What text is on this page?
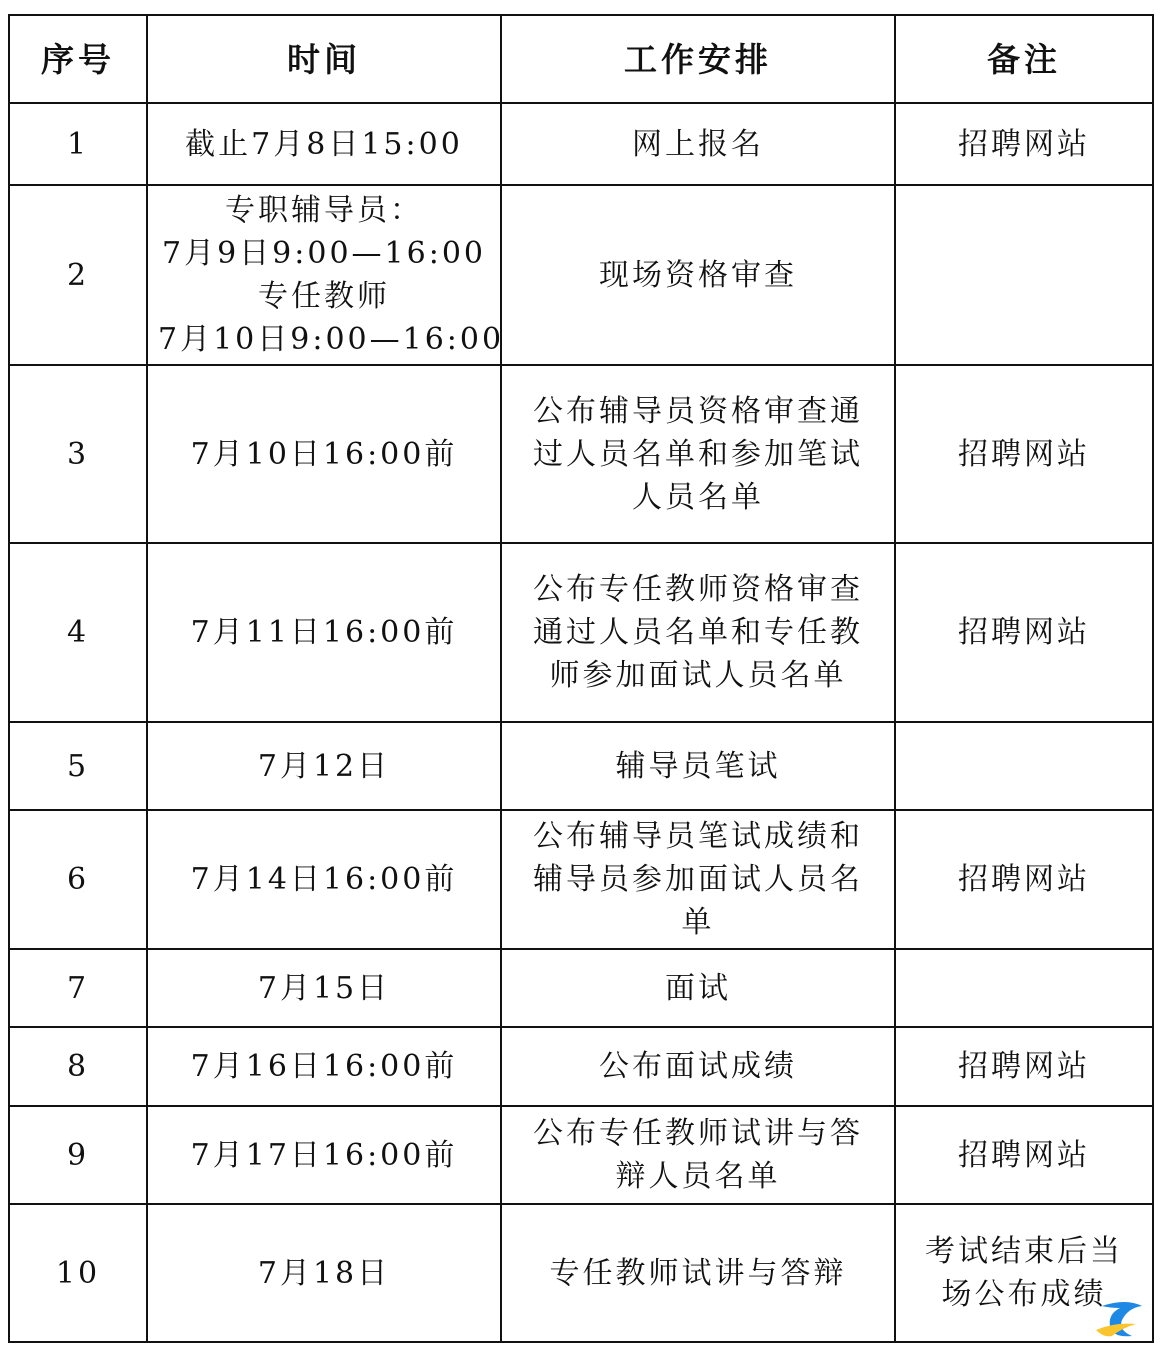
序号	时间	工作安排	备注
1	截止7月8日15:00	网上报名	招聘网站
2	专职辅导员：
7月9日9:00—16:00
专任教师
7月10日9:00—16:00	现场资格审查	
3	7月10日16:00前	公布辅导员资格审查通
过人员名单和参加笔试
人员名单	招聘网站
4	7月11日16:00前	公布专任教师资格审查
通过人员名单和专任教
师参加面试人员名单	招聘网站
5	7月12日	辅导员笔试	
6	7月14日16:00前	公布辅导员笔试成绩和
辅导员参加面试人员名
单	招聘网站
7	7月15日	面试	
8	7月16日16:00前	公布面试成绩	招聘网站
9	7月17日16:00前	公布专任教师试讲与答
辩人员名单	招聘网站
10	7月18日	专任教师试讲与答辩	考试结束后当
场公布成绩
